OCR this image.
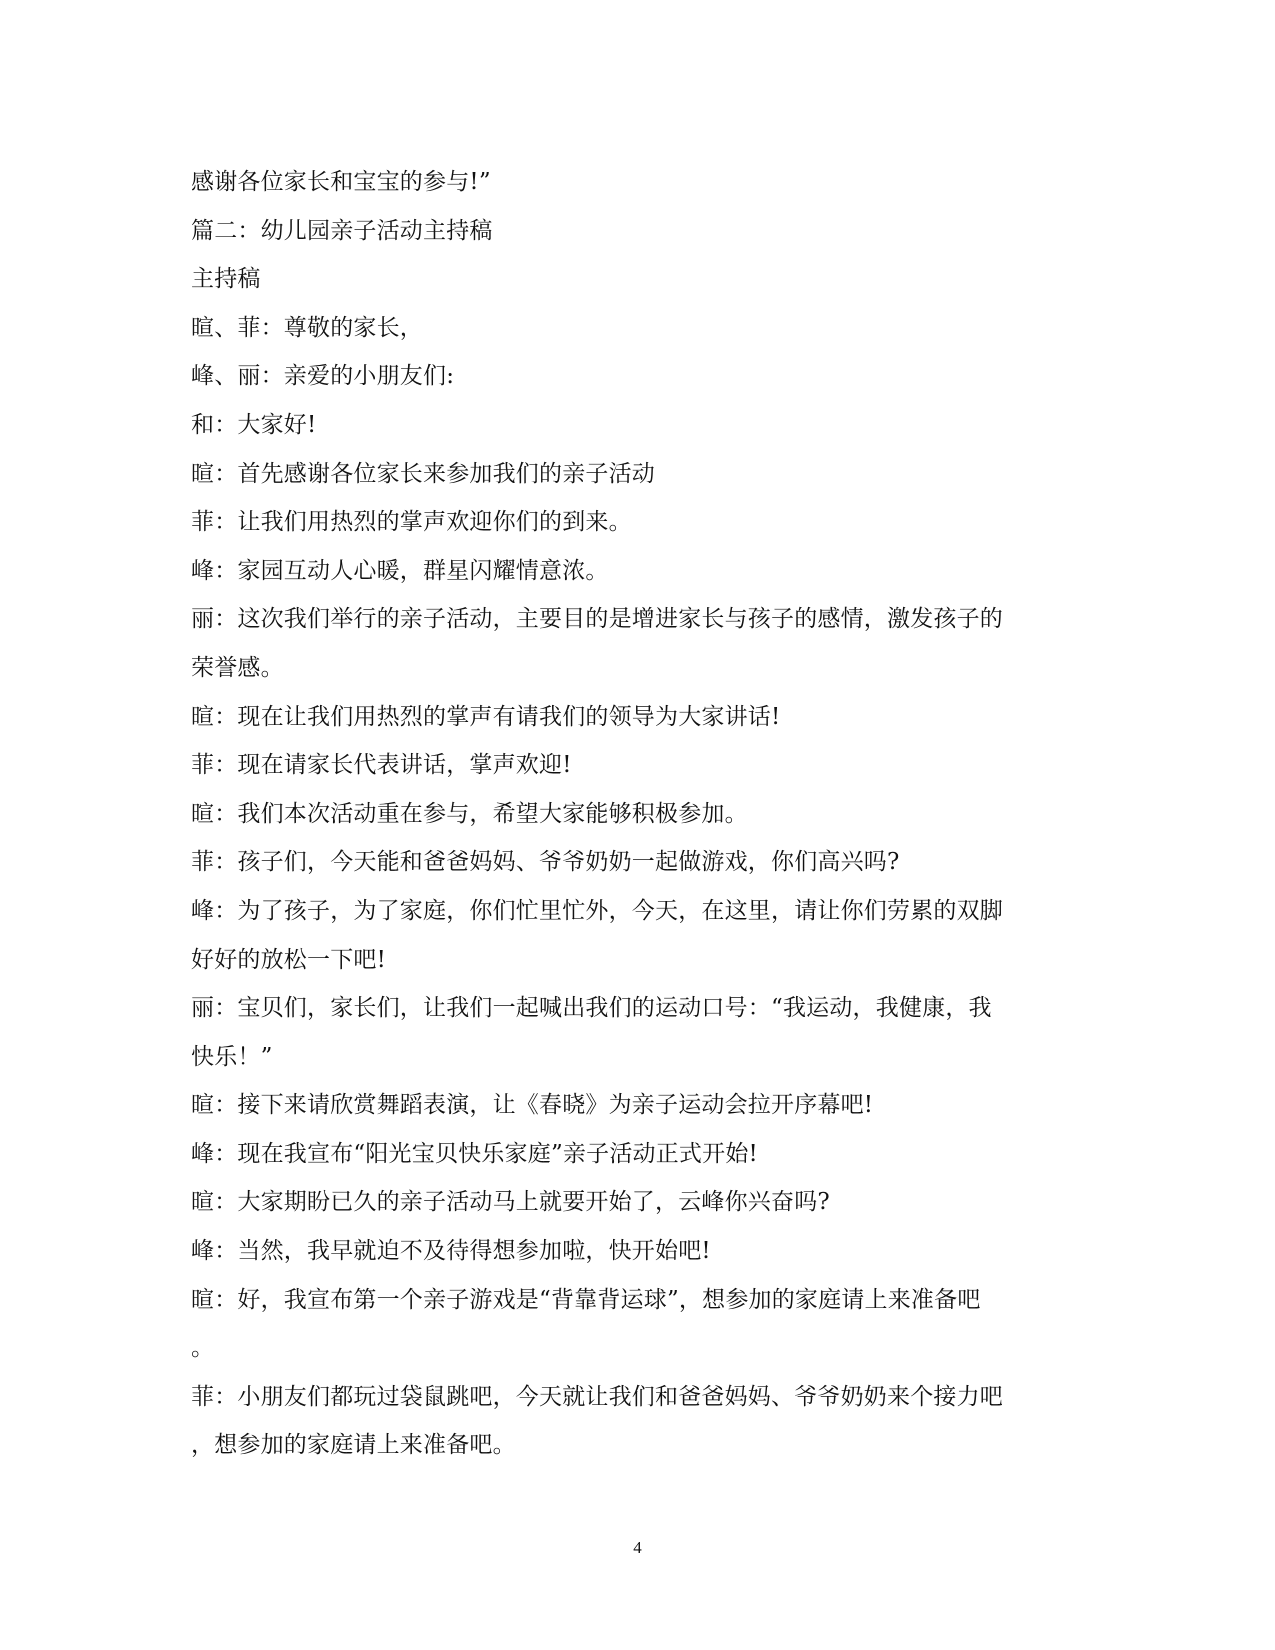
感谢各位家长和宝宝的参与!”
篇二：幼儿园亲子活动主持稿
主持稿
暄、菲：尊敬的家长，
峰、丽：亲爱的小朋友们:
和：大家好!
暄：首先感谢各位家长来参加我们的亲子活动
菲：让我们用热烈的掌声欢迎你们的到来。
峰：家园互动人心暖，群星闪耀情意浓。
丽：这次我们举行的亲子活动，主要目的是增进家长与孩子的感情，激发孩子的
荣誉感。
暄：现在让我们用热烈的掌声有请我们的领导为大家讲话!
菲：现在请家长代表讲话，掌声欢迎!
暄：我们本次活动重在参与，希望大家能够积极参加。
菲：孩子们，今天能和爸爸妈妈、爷爷奶奶一起做游戏，你们高兴吗?
峰：为了孩子，为了家庭，你们忙里忙外，今天，在这里，请让你们劳累的双脚
好好的放松一下吧!
丽：宝贝们，家长们，让我们一起喊出我们的运动口号：“我运动，我健康，我
快乐！”
暄：接下来请欣赏舞蹈表演，让《春晓》为亲子运动会拉开序幕吧!
峰：现在我宣布“阳光宝贝快乐家庭”亲子活动正式开始!
暄：大家期盼已久的亲子活动马上就要开始了，云峰你兴奋吗?
峰：当然，我早就迫不及待得想参加啦，快开始吧!
暄：好，我宣布第一个亲子游戏是“背靠背运球”，想参加的家庭请上来准备吧
。
菲：小朋友们都玩过袋鼠跳吧，今天就让我们和爸爸妈妈、爷爷奶奶来个接力吧
，想参加的家庭请上来准备吧。
4
